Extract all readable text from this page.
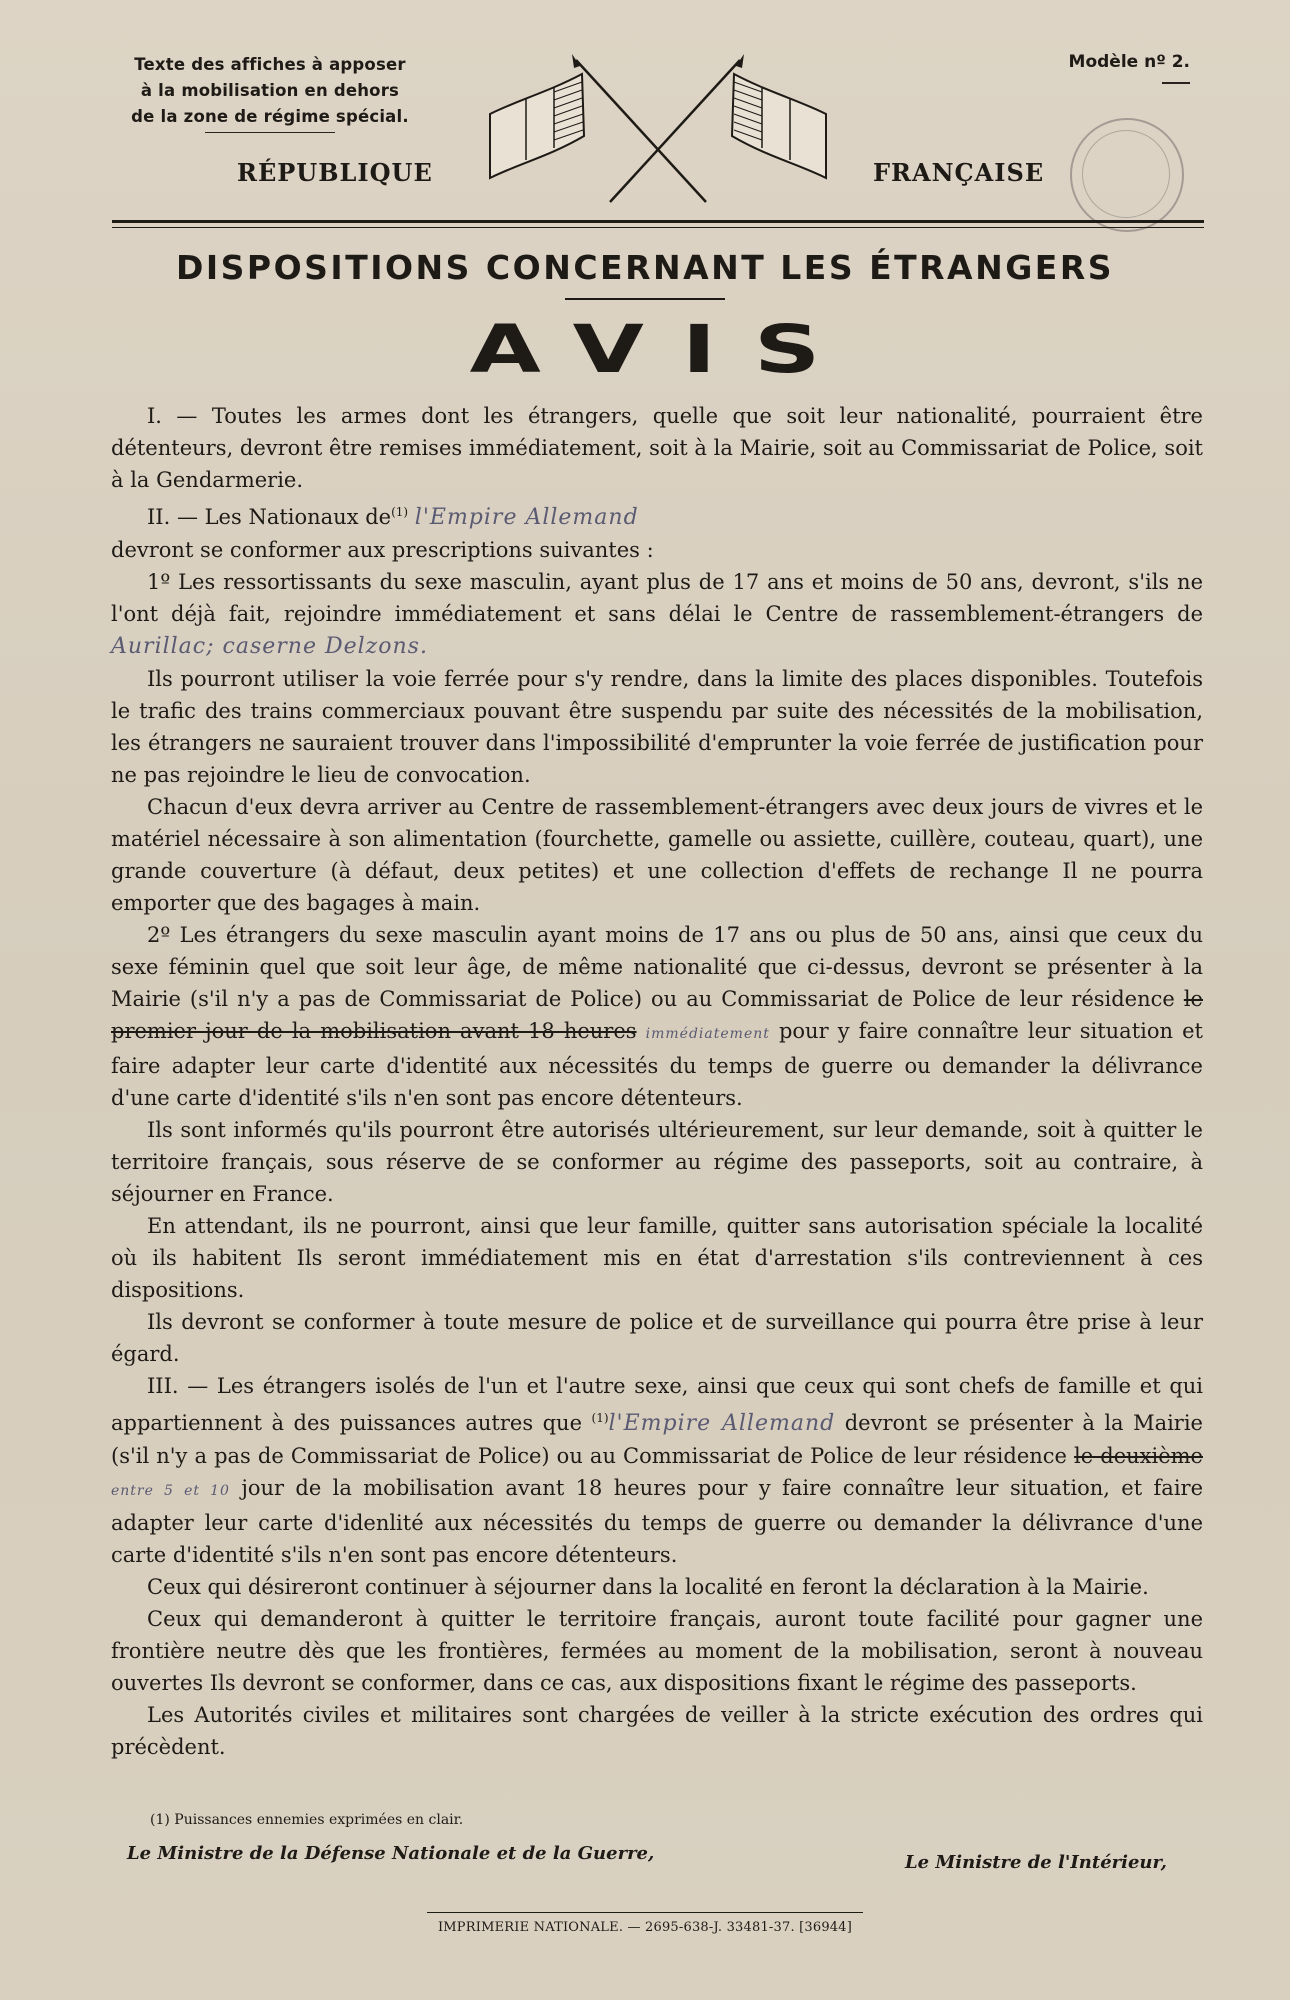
Texte des affiches à apposer
à la mobilisation en dehors
de la zone de régime spécial.
Modèle nº 2.
RÉPUBLIQUE	FRANÇAISE
DISPOSITIONS CONCERNANT LES ÉTRANGERS
AVIS

I. — Toutes les armes dont les étrangers, quelle que soit leur nationalité, pourraient être détenteurs, devront être remises immédiatement, soit à la Mairie, soit au Commissariat de Police, soit à la Gendarmerie.

II. — Les Nationaux $de^{(1)}$ l'Empire Allemand

devront se conformer aux prescriptions suivantes :

1º Les ressortissants du sexe masculin, ayant plus de 17 ans et moins de 50 ans, devront, s'ils ne l'ont déjà fait, rejoindre immédiatement et sans délai le Centre de rassemblement-étrangers de Aurillac; caserne Delzons.

Ils pourront utiliser la voie ferrée pour s'y rendre, dans la limite des places disponibles. Toutefois le trafic des trains commerciaux pouvant être suspendu par suite des nécessités de la mobilisation, les étrangers ne sauraient trouver dans l'impossibilité d'emprunter la voie ferrée de justification pour ne pas rejoindre le lieu de convocation.

Chacun d'eux devra arriver au Centre de rassemblement-étrangers avec deux jours de vivres et le matériel nécessaire à son alimentation (fourchette, gamelle ou assiette, cuillère, couteau, quart), une grande couverture (à défaut, deux petites) et une collection d'effets de rechange Il ne pourra emporter que des bagages à main.

2º Les étrangers du sexe masculin ayant moins de 17 ans ou plus de 50 ans, ainsi que ceux du sexe féminin quel que soit leur âge, de même nationalité que ci-dessus, devront se présenter à la Mairie (s'il n'y a pas de Commissariat de Police) ou au Commissariat de Police de leur résidence le premier jour de la mobilisation avant 18 heures immédiatement pour y faire connaître leur situation et faire adapter leur carte d'identité aux nécessités du temps de guerre ou demander la délivrance d'une carte d'identité s'ils n'en sont pas encore détenteurs.

Ils sont informés qu'ils pourront être autorisés ultérieurement, sur leur demande, soit à quitter le territoire français, sous réserve de se conformer au régime des passeports, soit au contraire, à séjourner en France.

En attendant, ils ne pourront, ainsi que leur famille, quitter sans autorisation spéciale la localité où ils habitent Ils seront immédiatement mis en état d'arrestation s'ils contreviennent à ces dispositions.

Ils devront se conformer à toute mesure de police et de surveillance qui pourra être prise à leur égard.

III. — Les étrangers isolés de l'un et l'autre sexe, ainsi que ceux qui sont chefs de famille et qui appartiennent à des puissances autres que $^{(1)}$l'Empire Allemand devront se présenter à la Mairie (s'il n'y a pas de Commissariat de Police) ou au Commissariat de Police de leur résidence le deuxième entre 5 et 10 jour de la mobilisation avant 18 heures pour y faire connaître leur situation, et faire adapter leur carte d'idenlité aux nécessités du temps de guerre ou demander la délivrance d'une carte d'identité s'ils n'en sont pas encore détenteurs.

Ceux qui désireront continuer à séjourner dans la localité en feront la déclaration à la Mairie.

Ceux qui demanderont à quitter le territoire français, auront toute facilité pour gagner une frontière neutre dès que les frontières, fermées au moment de la mobilisation, seront à nouveau ouvertes Ils devront se conformer, dans ce cas, aux dispositions fixant le régime des passeports.

Les Autorités civiles et militaires sont chargées de veiller à la stricte exécution des ordres qui précèdent.

(1) Puissances ennemies exprimées en clair.
Le Ministre de la Défense Nationale et de la Guerre,	Le Ministre de l'Intérieur,
IMPRIMERIE NATIONALE. — 2695-638-J. 33481-37. [36944]
